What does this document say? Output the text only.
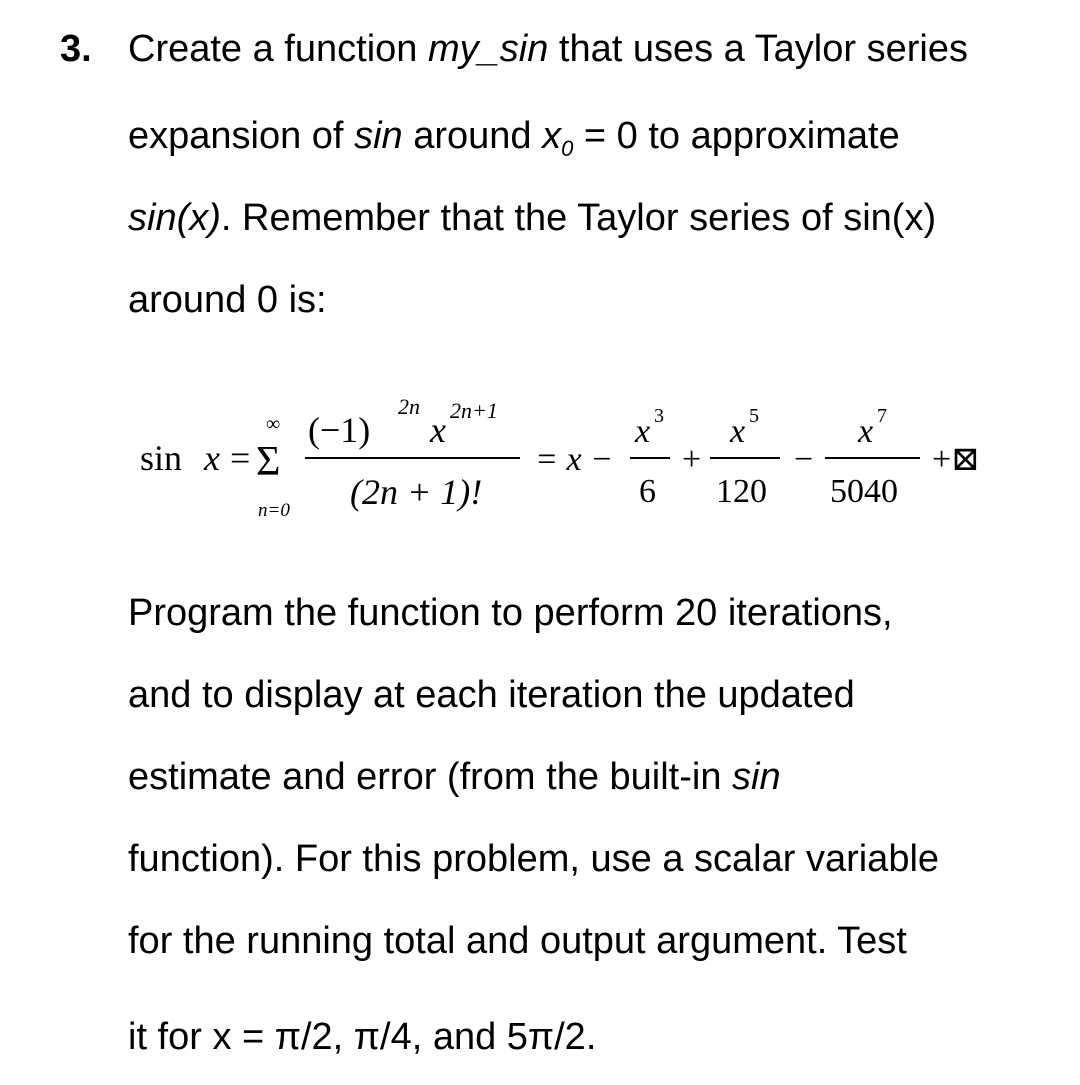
3. Create a function my_sin that uses a Taylor series
expansion of sin around $x_0 = 0$ to approximate
sin(x). Remember that the Taylor series of sin(x)
around 0 is:
sin x =
∞
Σ
n=0
(−1)
2n
x 2n+1
(2n + 1)!
= x −
x 3
6
+
x 5
120
−
x 7
5040
+⊠
Program the function to perform 20 iterations,
and to display at each iteration the updated
estimate and error (from the built-in sin
function). For this problem, use a scalar variable
for the running total and output argument. Test
it for x = π/2, π/4, and 5π/2.
